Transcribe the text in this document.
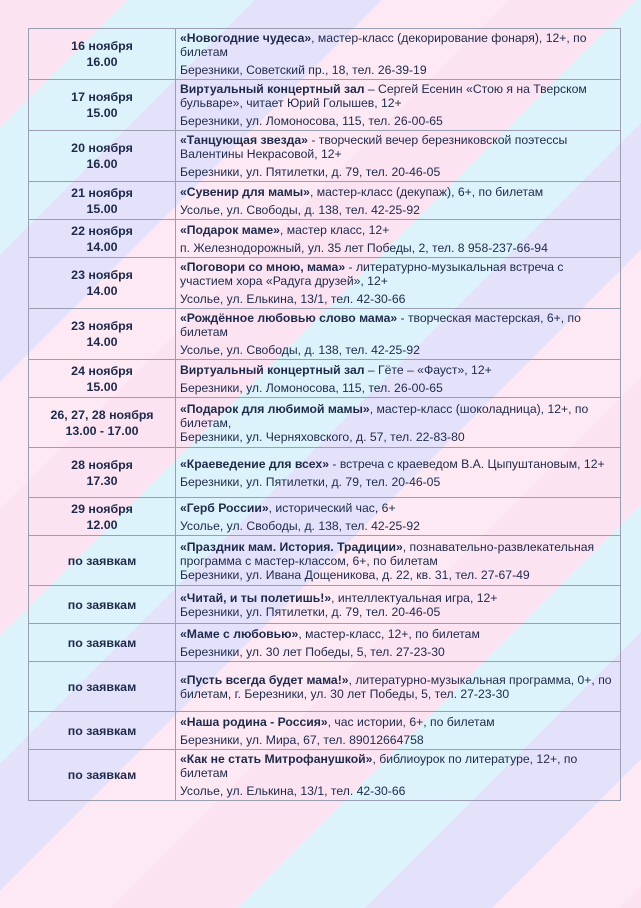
16 ноября
16.00	«Новогодние чудеса», мастер-класс (декорирование фонаря), 12+, по билетам
Березники, Советский пр., 18, тел. 26-39-19

17 ноября
15.00	Виртуальный концертный зал – Сергей Есенин «Стою я на Тверском бульваре», читает Юрий Голышев, 12+
Березники, ул. Ломоносова, 115, тел. 26-00-65

20 ноября
16.00	«Танцующая звезда» - творческий вечер березниковской поэтессы Валентины Некрасовой, 12+
Березники, ул. Пятилетки, д. 79, тел. 20-46-05

21 ноября
15.00	«Сувенир для мамы», мастер-класс (декупаж), 6+, по билетам
Усолье, ул. Свободы, д. 138, тел. 42-25-92

22 ноября
14.00	«Подарок маме», мастер класс, 12+
п. Железнодорожный, ул. 35 лет Победы, 2, тел. 8 958-237-66-94

23 ноября
14.00	«Поговори со мною, мама» - литературно-музыкальная встреча с участием хора «Радуга друзей», 12+
Усолье, ул. Елькина, 13/1, тел. 42-30-66

23 ноября
14.00	«Рождённое любовью слово мама» - творческая мастерская, 6+, по билетам
Усолье, ул. Свободы, д. 138, тел. 42-25-92

24 ноября
15.00	Виртуальный концертный зал – Гёте – «Фауст», 12+
Березники, ул. Ломоносова, 115, тел. 26-00-65

26, 27, 28 ноября
13.00 - 17.00	«Подарок для любимой мамы», мастер-класс (шоколадница), 12+, по билетам,
Березники, ул. Черняховского, д. 57, тел. 22-83-80

28 ноября
17.30	«Краеведение для всех» - встреча с краеведом В.А. Цыпуштановым, 12+
Березники, ул. Пятилетки, д. 79, тел. 20-46-05

29 ноября
12.00	«Герб России», исторический час, 6+
Усолье, ул. Свободы, д. 138, тел. 42-25-92

по заявкам	«Праздник мам. История. Традиции», познавательно-развлекательная программа с мастер-классом, 6+, по билетам
Березники, ул. Ивана Дощеникова, д. 22, кв. 31, тел. 27-67-49

по заявкам	«Читай, и ты полетишь!», интеллектуальная игра, 12+
Березники, ул. Пятилетки, д. 79, тел. 20-46-05

по заявкам	«Маме с любовью», мастер-класс, 12+, по билетам
Березники, ул. 30 лет Победы, 5, тел. 27-23-30

по заявкам	«Пусть всегда будет мама!», литературно-музыкальная программа, 0+, по билетам, г. Березники, ул. 30 лет Победы, 5, тел. 27-23-30

по заявкам	«Наша родина - Россия», час истории, 6+, по билетам
Березники, ул. Мира, 67, тел. 89012664758

по заявкам	«Как не стать Митрофанушкой», библиоурок по литературе, 12+, по билетам
Усолье, ул. Елькина, 13/1, тел. 42-30-66
